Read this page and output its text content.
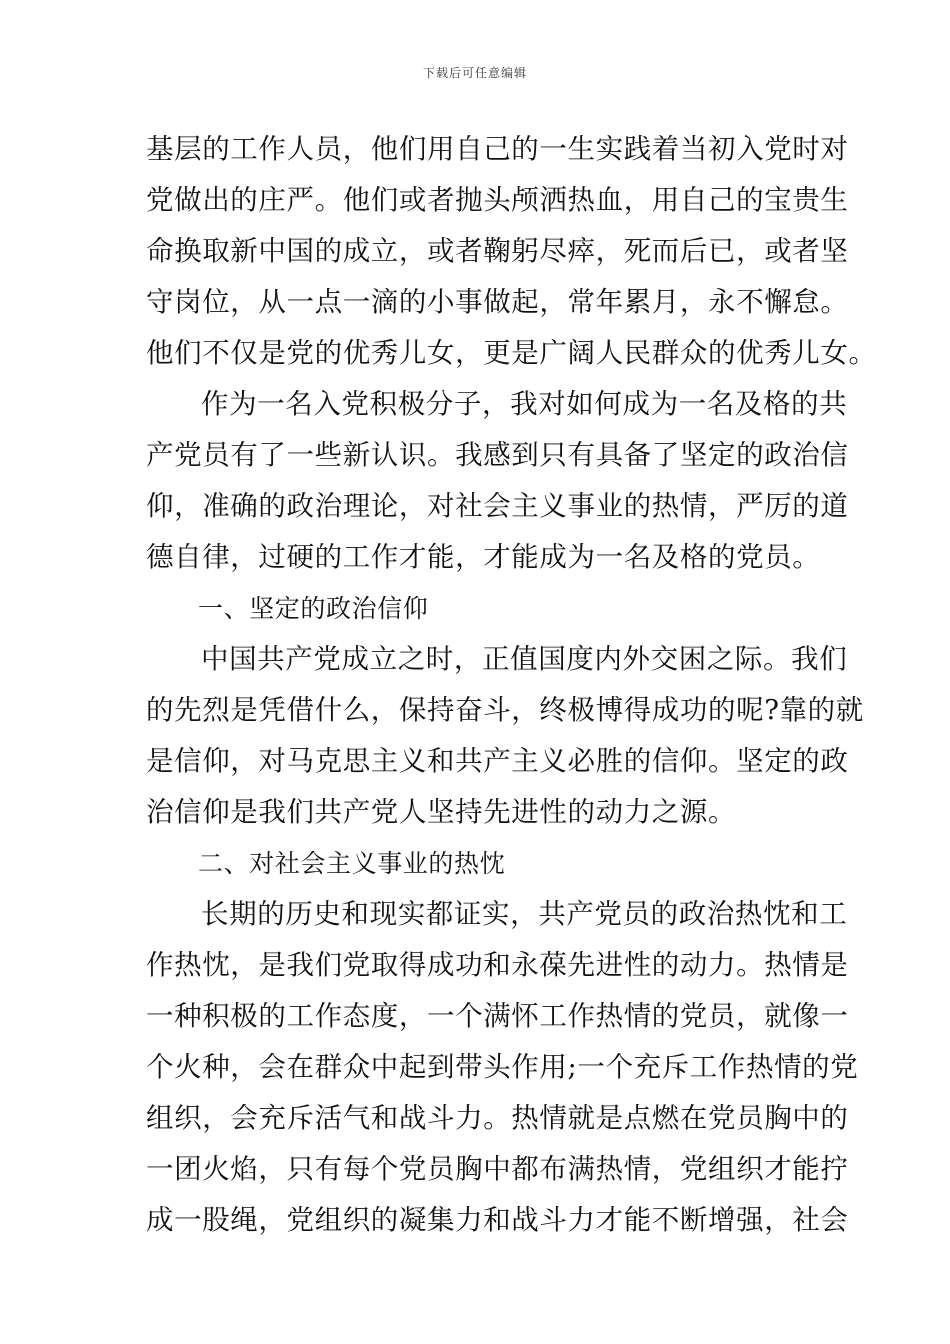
下载后可任意编辑
基层的工作人员，他们用自己的一生实践着当初入党时对
党做出的庄严。他们或者抛头颅洒热血，用自己的宝贵生
命换取新中国的成立，或者鞠躬尽瘁，死而后已，或者坚
守岗位，从一点一滴的小事做起，常年累月，永不懈怠。
他们不仅是党的优秀儿女，更是广阔人民群众的优秀儿女。
作为一名入党积极分子，我对如何成为一名及格的共
产党员有了一些新认识。我感到只有具备了坚定的政治信
仰，准确的政治理论，对社会主义事业的热情，严厉的道
德自律，过硬的工作才能，才能成为一名及格的党员。
一、坚定的政治信仰
中国共产党成立之时，正值国度内外交困之际。我们
的先烈是凭借什么，保持奋斗，终极博得成功的呢?靠的就
是信仰，对马克思主义和共产主义必胜的信仰。坚定的政
治信仰是我们共产党人坚持先进性的动力之源。
二、对社会主义事业的热忱
长期的历史和现实都证实，共产党员的政治热忱和工
作热忱，是我们党取得成功和永葆先进性的动力。热情是
一种积极的工作态度，一个满怀工作热情的党员，就像一
个火种，会在群众中起到带头作用;一个充斥工作热情的党
组织，会充斥活气和战斗力。热情就是点燃在党员胸中的
一团火焰，只有每个党员胸中都布满热情，党组织才能拧
成一股绳，党组织的凝集力和战斗力才能不断增强，社会
